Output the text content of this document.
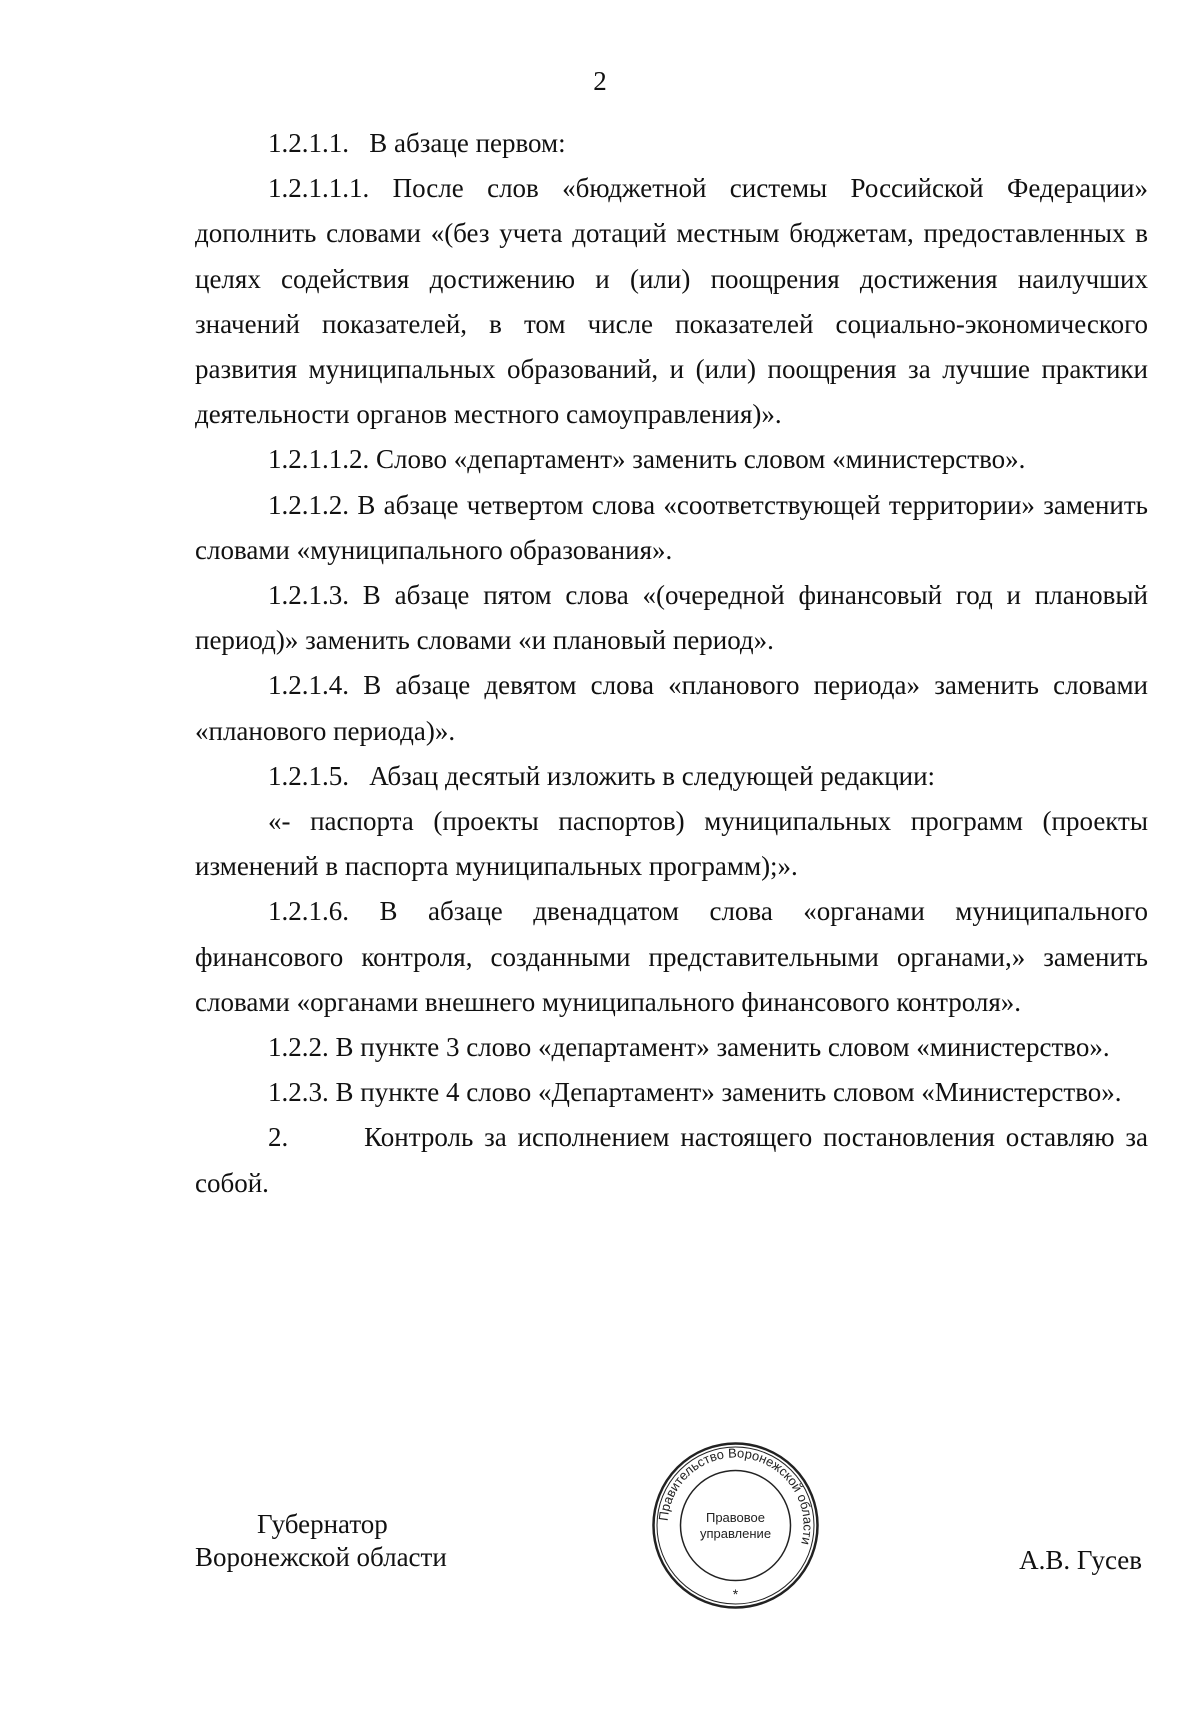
2

1.2.1.1.   В абзаце первом:

1.2.1.1.1. После слов «бюджетной системы Российской Федерации» дополнить словами «(без учета дотаций местным бюджетам, предоставленных в целях содействия достижению и (или) поощрения достижения наилучших значений показателей, в том числе показателей социально-экономического развития муниципальных образований, и (или) поощрения за лучшие практики деятельности органов местного самоуправления)».

1.2.1.1.2. Слово «департамент» заменить словом «министерство».

1.2.1.2. В абзаце четвертом слова «соответствующей территории» заменить словами «муниципального образования».

1.2.1.3. В абзаце пятом слова «(очередной финансовый год и плановый период)» заменить словами «и плановый период».

1.2.1.4. В абзаце девятом слова «планового периода» заменить словами «планового периода)».

1.2.1.5.   Абзац десятый изложить в следующей редакции:

«- паспорта (проекты паспортов) муниципальных программ (проекты изменений в паспорта муниципальных программ);».

1.2.1.6. В абзаце двенадцатом слова «органами муниципального финансового контроля, созданными представительными органами,» заменить словами «органами внешнего муниципального финансового контроля».

1.2.2. В пункте 3 слово «департамент» заменить словом «министерство».

1.2.3. В пункте 4 слово «Департамент» заменить словом «Министерство».

2.       Контроль за исполнением настоящего постановления оставляю за собой.

Губернатор
Воронежской области
Правительство Воронежской области
Правовое
управление
*
А.В. Гусев
